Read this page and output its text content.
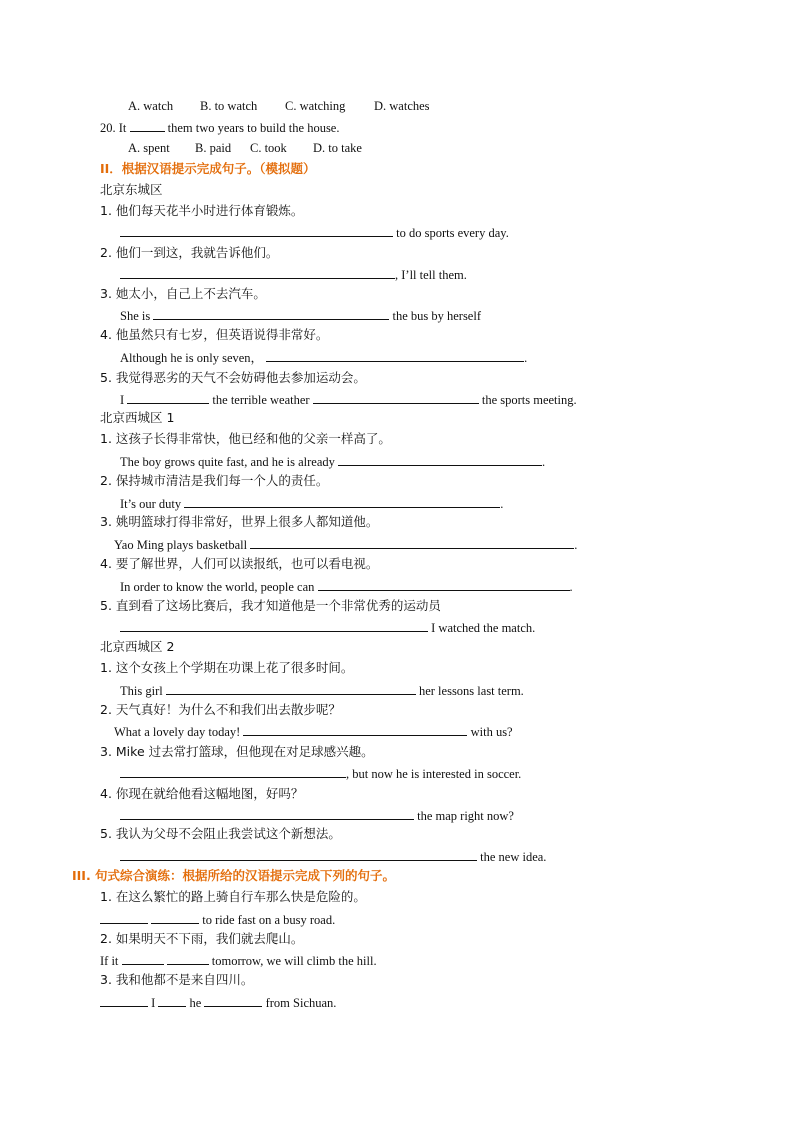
A. watch B. to watch C. watching D. watches
20. It	them two years to build the house.
A. spent B. paid C. took D. to take
II．根据汉语提示完成句子。（模拟题）
北京东城区
1. 他们每天花半小时进行体育锻炼。
to do sports every day.
2. 他们一到这，我就告诉他们。
, I’ll tell them.
3. 她太小，自己上不去汽车。
She is	the bus by herself
4. 他虽然只有七岁，但英语说得非常好。
Although he is only seven，	.
5. 我觉得恶劣的天气不会妨碍他去参加运动会。
I	the terrible weather	the sports meeting.
北京西城区 1
1. 这孩子长得非常快，他已经和他的父亲一样高了。
The boy grows quite fast, and he is already	.
2. 保持城市清洁是我们每一个人的责任。
It’s our duty	.
3. 姚明篮球打得非常好，世界上很多人都知道他。
Yao Ming plays basketball	.
4. 要了解世界，人们可以读报纸，也可以看电视。
In order to know the world, people can	.
5. 直到看了这场比赛后，我才知道他是一个非常优秀的运动员
I watched the match.
北京西城区 2
1. 这个女孩上个学期在功课上花了很多时间。
This girl	her lessons last term.
2. 天气真好！为什么不和我们出去散步呢？
What a lovely day today!	with us?
3. Mike 过去常打篮球，但他现在对足球感兴趣。
, but now he is interested in soccer.
4. 你现在就给他看这幅地图，好吗？
the map right now?
5. 我认为父母不会阻止我尝试这个新想法。
the new idea.
III. 句式综合演练：根据所给的汉语提示完成下列的句子。
1. 在这么繁忙的路上骑自行车那么快是危险的。
to ride fast on a busy road.
2. 如果明天不下雨，我们就去爬山。
If it	tomorrow, we will climb the hill.
3. 我和他都不是来自四川。
I	he	from Sichuan.
